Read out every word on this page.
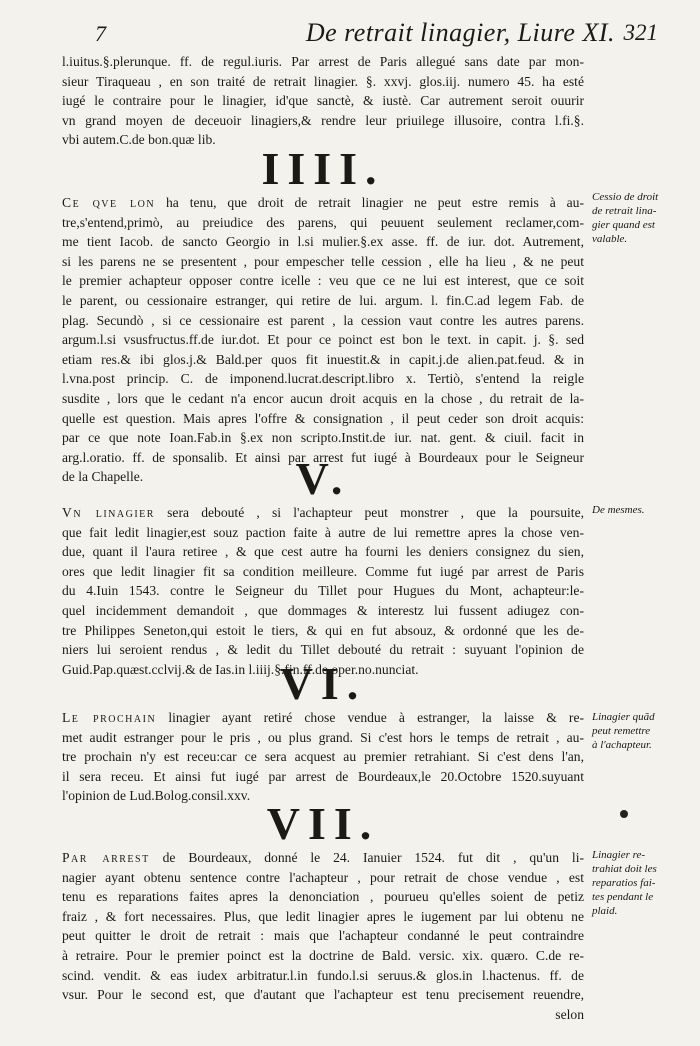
7	De retrait linagier, Liure XI. 321
l.iuitus.§.plerunque. ff. de regul.iuris. Par arrest de Paris allegué sans date par mon-
sieur Tiraqueau , en son traité de retrait linagier. §. xxvj. glos.iij. numero 45. ha esté
iugé le contraire pour le linagier, id'que sanctè, & iustè. Car autrement seroit ouurir
vn grand moyen de deceuoir linagiers,& rendre leur priuilege illusoire, contra l.fi.§.
vbi autem.C.de bon.quæ lib.
IIII.
Ce qve lon ha tenu, que droit de retrait linagier ne peut estre remis à au-
tre,s'entend,primò, au preiudice des parens, qui peuuent seulement reclamer,com-
me tient Iacob. de sancto Georgio in l.si mulier.§.ex asse. ff. de iur. dot. Autrement,
si les parens ne se presentent , pour empescher telle cession , elle ha lieu , & ne peut
le premier achapteur opposer contre icelle : veu que ce ne lui est interest, que ce soit
le parent, ou cessionaire estranger, qui retire de lui. argum. l. fin.C.ad legem Fab. de
plag. Secundò , si ce cessionaire est parent , la cession vaut contre les autres parens.
argum.l.si vsusfructus.ff.de iur.dot. Et pour ce poinct est bon le text. in capit. j. §. sed
etiam res.& ibi glos.j.& Bald.per quos fit inuestit.& in capit.j.de alien.pat.feud. & in
l.vna.post princip. C. de imponend.lucrat.descript.libro x. Tertiò, s'entend la reigle
susdite , lors que le cedant n'a encor aucun droit acquis en la chose , du retrait de la-
quelle est question. Mais apres l'offre & consignation , il peut ceder son droit acquis:
par ce que note Ioan.Fab.in §.ex non scripto.Instit.de iur. nat. gent. & ciuil. facit in
arg.l.oratio. ff. de sponsalib. Et ainsi par arrest fut iugé à Bourdeaux pour le Seigneur
de la Chapelle.
Cessio de droit
de retrait lina-
gier quand est
valable.
V.
Vn linagier sera debouté , si l'achapteur peut monstrer , que la poursuite,
que fait ledit linagier,est souz paction faite à autre de lui remettre apres la chose ven-
due, quant il l'aura retiree , & que cest autre ha fourni les deniers consignez du sien,
ores que ledit linagier fit sa condition meilleure. Comme fut iugé par arrest de Paris
du 4.Iuin 1543. contre le Seigneur du Tillet pour Hugues du Mont, achapteur:le-
quel incidemment demandoit , que dommages & interestz lui fussent adiugez con-
tre Philippes Seneton,qui estoit le tiers, & qui en fut absouz, & ordonné que les de-
niers lui seroient rendus , & ledit du Tillet debouté du retrait : suyuant l'opinion de
Guid.Pap.quæst.cclvij.& de Ias.in l.iiij.§.fin.ff.de oper.no.nunciat.
De mesmes.
VI.
Le prochain linagier ayant retiré chose vendue à estranger, la laisse & re-
met audit estranger pour le pris , ou plus grand. Si c'est hors le temps de retrait , au-
tre prochain n'y est receu:car ce sera acquest au premier retrahiant. Si c'est dens l'an,
il sera receu. Et ainsi fut iugé par arrest de Bourdeaux,le 20.Octobre 1520.suyuant
l'opinion de Lud.Bolog.consil.xxv.
Linagier quãd
peut remettre
à l'achapteur.
VII.
Par arrest de Bourdeaux, donné le 24. Ianuier 1524. fut dit , qu'un li-
nagier ayant obtenu sentence contre l'achapteur , pour retrait de chose vendue , est
tenu es reparations faites apres la denonciation , pourueu qu'elles soient de petiz
fraiz , & fort necessaires. Plus, que ledit linagier apres le iugement par lui obtenu ne
peut quitter le droit de retrait : mais que l'achapteur condanné le peut contraindre
à retraire. Pour le premier poinct est la doctrine de Bald. versic. xix. quæro. C.de re-
scind. vendit. & eas iudex arbitratur.l.in fundo.l.si seruus.& glos.in l.hactenus. ff. de
vsur. Pour le second est, que d'autant que l'achapteur est tenu precisement reuendre,
selon
Linagier re-
trahiat doit les
reparatios fai-
tes pendant le
plaid.
